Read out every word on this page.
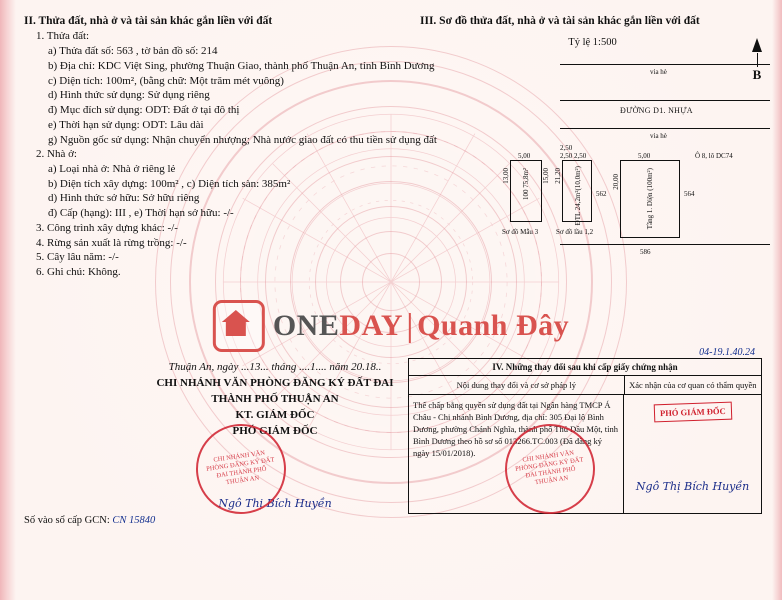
II. Thửa đất, nhà ở và tài sản khác gắn liền với đất
1. Thửa đất:
a) Thửa đất số: 563 , tờ bản đồ số: 214
b) Địa chỉ: KDC Việt Sing, phường Thuận Giao, thành phố Thuận An, tỉnh Bình Dương
c) Diện tích: 100m², (bằng chữ: Một trăm mét vuông)
d) Hình thức sử dụng: Sử dụng riêng
đ) Mục đích sử dụng: ODT: Đất ở tại đô thị
e) Thời hạn sử dụng: ODT: Lâu dài
g) Nguồn gốc sử dụng: Nhận chuyển nhượng; Nhà nước giao đất có thu tiền sử dụng đất
2. Nhà ở:
a) Loại nhà ở: Nhà ở riêng lẻ
b) Diện tích xây dựng: 100m² , c) Diện tích sàn: 385m²
d) Hình thức sở hữu: Sở hữu riêng
đ) Cấp (hạng): III , e) Thời hạn sở hữu: -/-
3. Công trình xây dựng khác: -/-
4. Rừng sản xuất là rừng trồng: -/-
5. Cây lâu năm: -/-
6. Ghi chú: Không.
III. Sơ đồ thửa đất, nhà ở và tài sản khác gắn liền với đất
Tỷ lệ 1:500
B
vỉa hè
ĐƯỜNG D1. NHỰA
vỉa hè
Ô 8, lô DC74
5,00
13,00	15,00
100 75,8m²
Sơ đồ Mẫu 3
2,50
2,50 2,50
21,20 ĐTL 24,2m²(10,0m²)
Sơ đồ lầu 1,2
5,00
20,00	Tầng 1. Diện (100m²)
562	564
586
ONEDAY Quanh Đây
Thuận An, ngày ...13... tháng ....1.... năm 20.18..
CHI NHÁNH VĂN PHÒNG ĐĂNG KÝ ĐẤT ĐAI
THÀNH PHỐ THUẬN AN
KT. GIÁM ĐỐC
PHÓ GIÁM ĐỐC
Ngô Thị Bích Huyền
CHI NHÁNH VĂN PHÒNG ĐĂNG KÝ ĐẤT ĐAI THÀNH PHỐ THUẬN AN
04-19.1.40.24
IV. Những thay đổi sau khi cấp giấy chứng nhận
Nội dung thay đổi và cơ sở pháp lý	Xác nhận của cơ quan có thẩm quyền
Thế chấp bằng quyền sử dụng đất tại Ngân hàng TMCP Á Châu - Chi nhánh Bình Dương, địa chỉ: 305 Đại lộ Bình Dương, phường Chánh Nghĩa, thành phố Thủ Dầu Một, tỉnh Bình Dương theo hồ sơ số 013266.TC.003 (Đã đăng ký ngày 15/01/2018).
PHÓ GIÁM ĐỐC
Ngô Thị Bích Huyền
CHI NHÁNH VĂN PHÒNG ĐĂNG KÝ ĐẤT ĐAI THÀNH PHỐ THUẬN AN
Số vào sổ cấp GCN: CN 15840
